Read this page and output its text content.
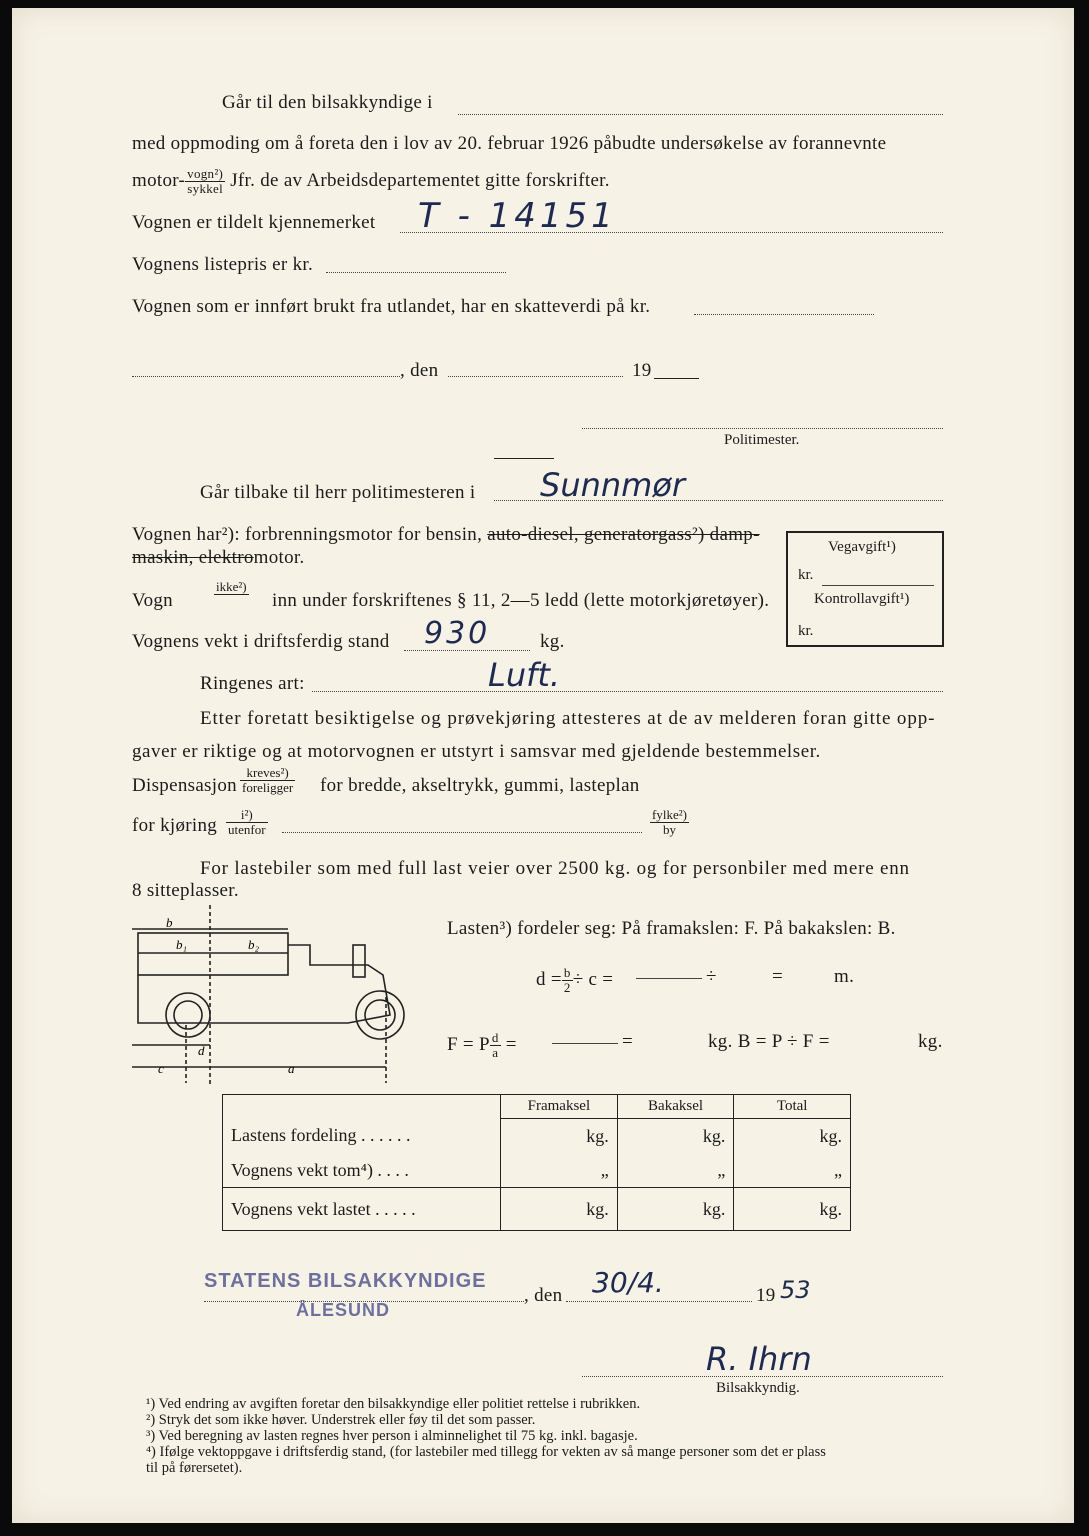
Går til den bilsakkyndige i
med oppmoding om å foreta den i lov av 20. februar 1926 påbudte undersøkelse av forannevnte
motor- $\frac{\text{vogn²)}}{\text{sykkel}}$ Jfr. de av Arbeidsdepartementet gitte forskrifter.
Vognen er tildelt kjennemerket T - 14151
Vognens listepris er kr.
Vognen som er innført brukt fra utlandet, har en skatteverdi på kr.
, den	19
Politimester.
Går tilbake til herr politimesteren i Sunnmør
Vognen har²): forbrenningsmotor for bensin, auto-diesel, generatorgass²) damp-
maskin, elektromotor.	Vegavgift¹)
kr.
Kontrollavgift¹)
kr.
Vogn
ikke²)

inn under forskriftenes § 11, 2—5 ledd (lette motorkjøretøyer).
Vognens vekt i driftsferdig stand 930	kg.
Ringenes art:	Luft.
Etter foretatt besiktigelse og prøvekjøring attesteres at de av melderen foran gitte opp-
gaver er riktige og at motorvognen er utstyrt i samsvar med gjeldende bestemmelser.
Dispensasjon $\frac{\text{kreves²)}}{\text{foreligger}}$ for bredde, akseltrykk, gummi, lasteplan
for kjøring $\frac{\text{i²)}}{\text{utenfor}}$	$\frac{\text{fylke²)}}{by}$
For lastebiler som med full last veier over 2500 kg. og for personbiler med mere enn
8 sitteplasser.
b
b₁	b₂
c
d
a
Lasten³) fordeler seg: På framakslen: F. På bakakslen: B.
$d = \frac{b}{2} \div c$ =	÷	=	m.
F = P $\frac{d}{a}$ =	=	kg. B = P ÷ F =	kg.
	Framaksel	Bakaksel	Total
Lastens fordeling . . . . . .	kg.	kg.	kg.
Vognens vekt tom⁴) . . . .	„	„	„
Vognens vekt lastet . . . . .	kg.	kg.	kg.
STATENS BILSAKKYNDIGE
ÅLESUND
, den 30/4.	19 53
R. Ihrn
Bilsakkyndig.
¹) Ved endring av avgiften foretar den bilsakkyndige eller politiet rettelse i rubrikken.
²) Stryk det som ikke høver. Understrek eller føy til det som passer.
³) Ved beregning av lasten regnes hver person i alminnelighet til 75 kg. inkl. bagasje.
⁴) Ifølge vektoppgave i driftsferdig stand, (for lastebiler med tillegg for vekten av så mange personer som det er plass
til på førersetet).
